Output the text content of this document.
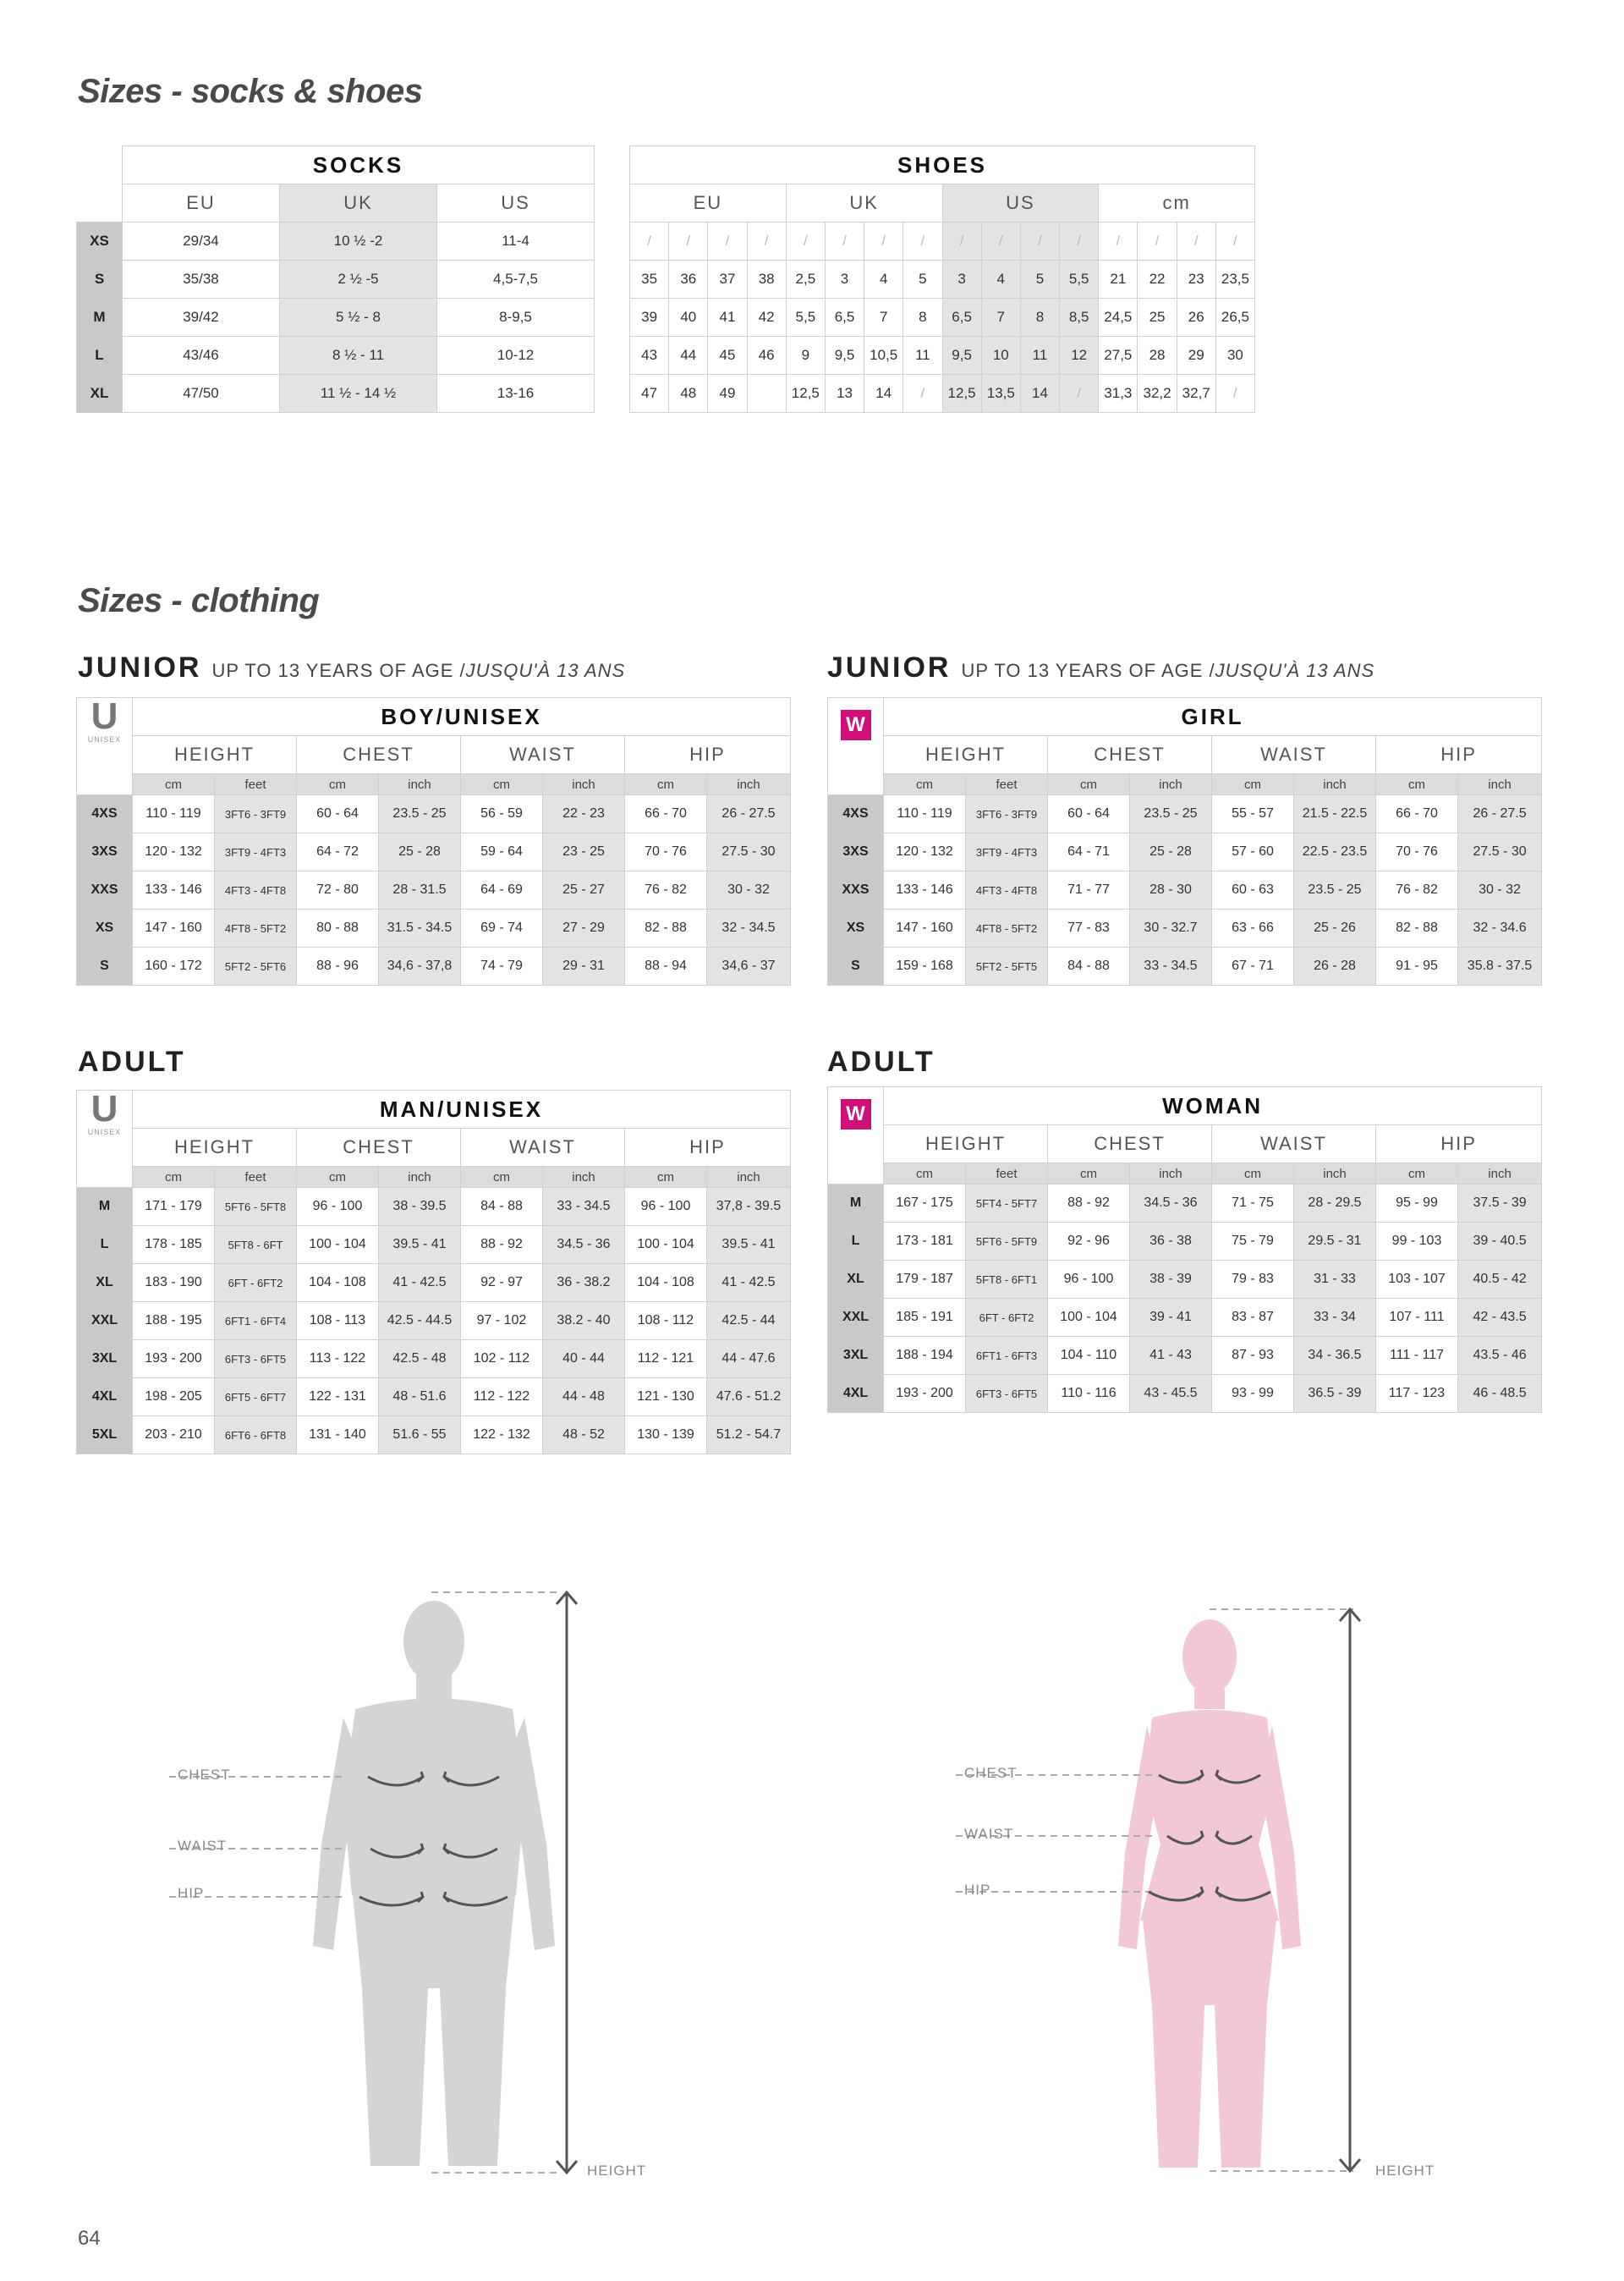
Sizes - socks & shoes
Sizes - clothing
	SOCKS		
	EU	UK	US
XS	29/34	10 ½ -2	11-4
S	35/38	2 ½ -5	4,5-7,5
M	39/42	5 ½ - 8	8-9,5
L	43/46	8 ½ - 11	10-12
XL	47/50	11 ½ - 14 ½	13-16
SHOES															
EU				UK				US				cm			
/	/	/	/	/	/	/	/	/	/	/	/	/	/	/	/
35	36	37	38	2,5	3	4	5	3	4	5	5,5	21	22	23	23,5
39	40	41	42	5,5	6,5	7	8	6,5	7	8	8,5	24,5	25	26	26,5
43	44	45	46	9	9,5	10,5	11	9,5	10	11	12	27,5	28	29	30
47	48	49		12,5	13	14	/	12,5	13,5	14	/	31,3	32,2	32,7	/
JUNIOR UP TO 13 YEARS OF AGE /JUSQU'À 13 ANS	JUNIOR UP TO 13 YEARS OF AGE /JUSQU'À 13 ANS
ADULT	ADULT
U
UNISEX	BOY/UNISEX							
	HEIGHT		CHEST		WAIST		HIP	
	cm	feet	cm	inch	cm	inch	cm	inch
4XS	110 - 119	3FT6 - 3FT9	60 - 64	23.5 - 25	56 - 59	22 - 23	66 - 70	26 - 27.5
3XS	120 - 132	3FT9 - 4FT3	64 - 72	25 - 28	59 - 64	23 - 25	70 - 76	27.5 - 30
XXS	133 - 146	4FT3 - 4FT8	72 - 80	28 - 31.5	64 - 69	25 - 27	76 - 82	30 - 32
XS	147 - 160	4FT8 - 5FT2	80 - 88	31.5 - 34.5	69 - 74	27 - 29	82 - 88	32 - 34.5
S	160 - 172	5FT2 - 5FT6	88 - 96	34,6 - 37,8	74 - 79	29 - 31	88 - 94	34,6 - 37
W	GIRL							
	HEIGHT		CHEST		WAIST		HIP	
	cm	feet	cm	inch	cm	inch	cm	inch
4XS	110 - 119	3FT6 - 3FT9	60 - 64	23.5 - 25	55 - 57	21.5 - 22.5	66 - 70	26 - 27.5
3XS	120 - 132	3FT9 - 4FT3	64 - 71	25 - 28	57 - 60	22.5 - 23.5	70 - 76	27.5 - 30
XXS	133 - 146	4FT3 - 4FT8	71 - 77	28 - 30	60 - 63	23.5 - 25	76 - 82	30 - 32
XS	147 - 160	4FT8 - 5FT2	77 - 83	30 - 32.7	63 - 66	25 - 26	82 - 88	32 - 34.6
S	159 - 168	5FT2 - 5FT5	84 - 88	33 - 34.5	67 - 71	26 - 28	91 - 95	35.8 - 37.5
U
UNISEX	MAN/UNISEX							
	HEIGHT		CHEST		WAIST		HIP	
	cm	feet	cm	inch	cm	inch	cm	inch
M	171 - 179	5FT6 - 5FT8	96 - 100	38 - 39.5	84 - 88	33 - 34.5	96 - 100	37,8 - 39.5
L	178 - 185	5FT8 - 6FT	100 - 104	39.5 - 41	88 - 92	34.5 - 36	100 - 104	39.5 - 41
XL	183 - 190	6FT - 6FT2	104 - 108	41 - 42.5	92 - 97	36 - 38.2	104 - 108	41 - 42.5
XXL	188 - 195	6FT1 - 6FT4	108 - 113	42.5 - 44.5	97 - 102	38.2 - 40	108 - 112	42.5 - 44
3XL	193 - 200	6FT3 - 6FT5	113 - 122	42.5 - 48	102 - 112	40 - 44	112 - 121	44 - 47.6
4XL	198 - 205	6FT5 - 6FT7	122 - 131	48 - 51.6	112 - 122	44 - 48	121 - 130	47.6 - 51.2
5XL	203 - 210	6FT6 - 6FT8	131 - 140	51.6 - 55	122 - 132	48 - 52	130 - 139	51.2 - 54.7
W	WOMAN							
	HEIGHT		CHEST		WAIST		HIP	
	cm	feet	cm	inch	cm	inch	cm	inch
M	167 - 175	5FT4 - 5FT7	88 - 92	34.5 - 36	71 - 75	28 - 29.5	95 - 99	37.5 - 39
L	173 - 181	5FT6 - 5FT9	92 - 96	36 - 38	75 - 79	29.5 - 31	99 - 103	39 - 40.5
XL	179 - 187	5FT8 - 6FT1	96 - 100	38 - 39	79 - 83	31 - 33	103 - 107	40.5 - 42
XXL	185 - 191	6FT - 6FT2	100 - 104	39 - 41	83 - 87	33 - 34	107 - 111	42 - 43.5
3XL	188 - 194	6FT1 - 6FT3	104 - 110	41 - 43	87 - 93	34 - 36.5	111 - 117	43.5 - 46
4XL	193 - 200	6FT3 - 6FT5	110 - 116	43 - 45.5	93 - 99	36.5 - 39	117 - 123	46 - 48.5
CHEST
WAIST
HIP
HEIGHT
CHEST
WAIST
HIP
HEIGHT
64
